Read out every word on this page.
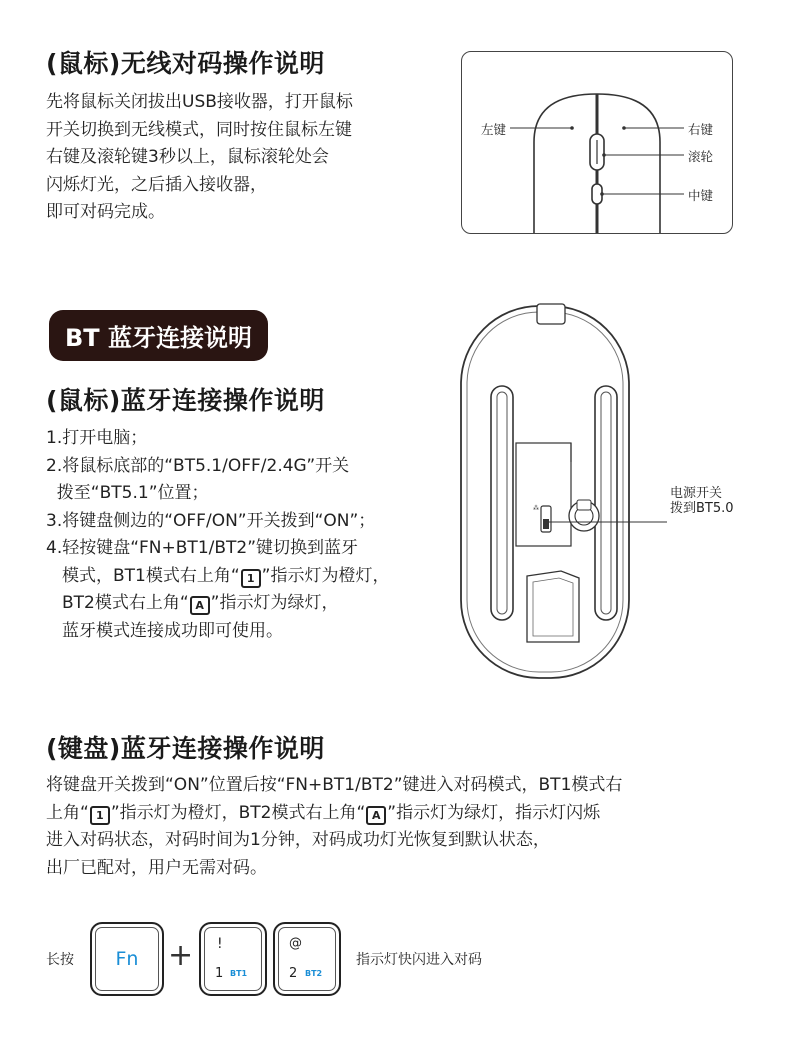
(鼠标)无线对码操作说明
先将鼠标关闭拔出USB接收器，打开鼠标
开关切换到无线模式，同时按住鼠标左键
右键及滚轮键3秒以上，鼠标滚轮处会
闪烁灯光，之后插入接收器，
即可对码完成。
左键	右键
滚轮
中键
BT 蓝牙连接说明
(鼠标)蓝牙连接操作说明
1.打开电脑；
2.将鼠标底部的“BT5.1/OFF/2.4G”开关
拨至“BT5.1”位置；
3.将键盘侧边的“OFF/ON”开关拨到“ON”；
4.轻按键盘“FN+BT1/BT2”键切换到蓝牙
模式，BT1模式右上角“ 1 ”指示灯为橙灯，
BT2模式右上角“ A ”指示灯为绿灯，
蓝牙模式连接成功即可使用。
⁂
电源开关
拨到BT5.0
(键盘)蓝牙连接操作说明
将键盘开关拨到“ON”位置后按“FN+BT1/BT2”键进入对码模式，BT1模式右
上角“ 1 ”指示灯为橙灯，BT2模式右上角“ A ”指示灯为绿灯，指示灯闪烁
进入对码状态，对码时间为1分钟，对码成功灯光恢复到默认状态，
出厂已配对，用户无需对码。
长按	Fn + !
1 BT1
@
2 BT2
指示灯快闪进入对码
